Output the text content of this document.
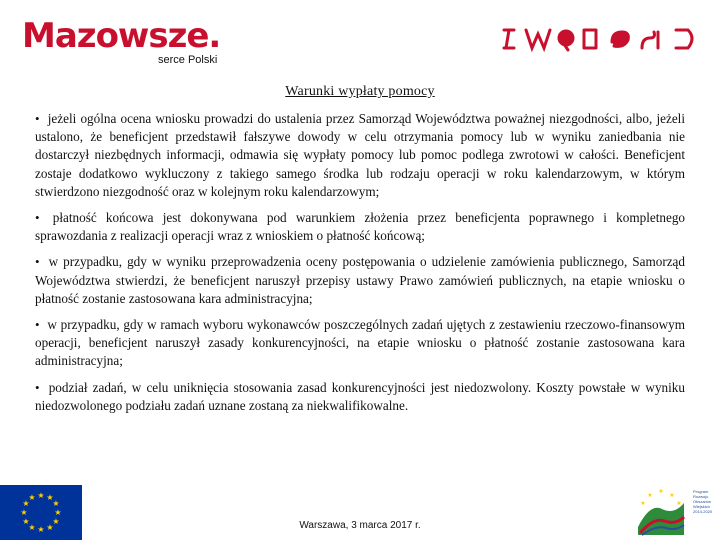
Mazowsze.
serce Polski
Warunki wypłaty pomocy

• jeżeli ogólna ocena wniosku prowadzi do ustalenia przez Samorząd Województwa poważnej niezgodności, albo, jeżeli ustalono, że beneficjent przedstawił fałszywe dowody w celu otrzymania pomocy lub w wyniku zaniedbania nie dostarczył niezbędnych informacji, odmawia się wypłaty pomocy lub pomoc podlega zwrotowi w całości. Beneficjent zostaje dodatkowo wykluczony z takiego samego środka lub rodzaju operacji w roku kalendarzowym, w którym stwierdzono niezgodność oraz w kolejnym roku kalendarzowym;

• płatność końcowa jest dokonywana pod warunkiem złożenia przez beneficjenta poprawnego i kompletnego sprawozdania z realizacji operacji wraz z wnioskiem o płatność końcową;

• w przypadku, gdy w wyniku przeprowadzenia oceny postępowania o udzielenie zamówienia publicznego, Samorząd Województwa stwierdzi, że beneficjent naruszył przepisy ustawy Prawo zamówień publicznych, na etapie wniosku o płatność zostanie zastosowana kara administracyjna;

• w przypadku, gdy w ramach wyboru wykonawców poszczególnych zadań ujętych z zestawieniu rzeczowo-finansowym operacji, beneficjent naruszył zasady konkurencyjności, na etapie wniosku o płatność zostanie zastosowana kara administracyjna;

• podział zadań, w celu uniknięcia stosowania zasad konkurencyjności jest niedozwolony. Koszty powstałe w wyniku niedozwolonego podziału zadań uznane zostaną za niekwalifikowalne.

★ ★
★
★
★
★
★
★
★
★
★
★
★
★	★
★	★
Program
Rozwoju
Obszarów
Wiejskich
2014-2020
Warszawa, 3 marca 2017 r.
